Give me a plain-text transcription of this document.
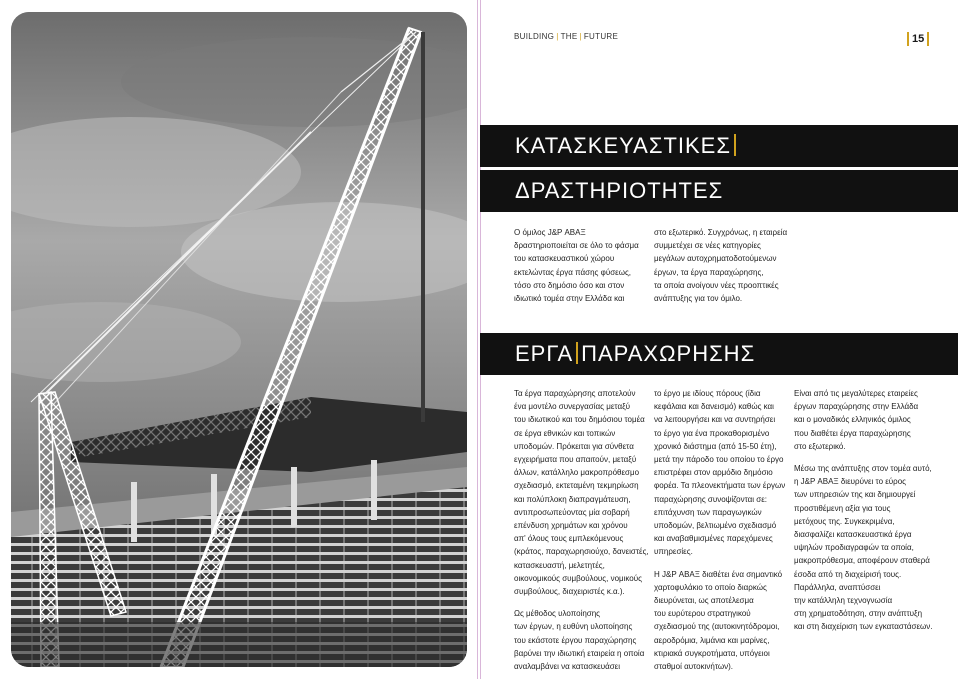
BUILDING | THE | FUTURE	15
ΚΑΤΑΣΚΕΥΑΣΤΙΚΕΣ
ΔΡΑΣΤΗΡΙΟΤΗΤΕΣ
Ο όμιλος J&P ΑΒΑΞ
δραστηριοποιείται σε όλο το φάσμα
του κατασκευαστικού χώρου
εκτελώντας έργα πάσης φύσεως,
τόσο στο δημόσιο όσο και στον
ιδιωτικό τομέα στην Ελλάδα και
στο εξωτερικό. Συγχρόνως, η εταιρεία
συμμετέχει σε νέες κατηγορίες
μεγάλων αυτοχρηματοδοτούμενων
έργων, τα έργα παραχώρησης,
τα οποία ανοίγουν νέες προοπτικές
ανάπτυξης για τον όμιλο.
ΕΡΓΑ ΠΑΡΑΧΩΡΗΣΗΣ
Τα έργα παραχώρησης αποτελούν
ένα μοντέλο συνεργασίας μεταξύ
του ιδιωτικού και του δημόσιου τομέα
σε έργα εθνικών και τοπικών
υποδομών. Πρόκειται για σύνθετα
εγχειρήματα που απαιτούν, μεταξύ
άλλων, κατάλληλο μακροπρόθεσμο
σχεδιασμό, εκτεταμένη τεκμηρίωση
και πολύπλοκη διαπραγμάτευση,
αντιπροσωπεύοντας μία σοβαρή
επένδυση χρημάτων και χρόνου
απ' όλους τους εμπλεκόμενους
(κράτος, παραχωρησιούχο, δανειστές,
κατασκευαστή, μελετητές,
οικονομικούς συμβούλους, νομικούς
συμβούλους, διαχειριστές κ.α.).
Ως μέθοδος υλοποίησης
των έργων, η ευθύνη υλοποίησης
του εκάστοτε έργου παραχώρησης
βαρύνει την ιδιωτική εταιρεία η οποία
αναλαμβάνει να κατασκευάσει
το έργο με ιδίους πόρους (ίδια
κεφάλαια και δανεισμό) καθώς και
να λειτουργήσει και να συντηρήσει
το έργο για ένα προκαθορισμένο
χρονικό διάστημα (από 15-50 έτη),
μετά την πάροδο του οποίου το έργο
επιστρέφει στον αρμόδιο δημόσιο
φορέα. Τα πλεονεκτήματα των έργων
παραχώρησης συνοψίζονται σε:
επιτάχυνση των παραγωγικών
υποδομών, βελτιωμένο σχεδιασμό
και αναβαθμισμένες παρεχόμενες
υπηρεσίες.
Η J&P ΑΒΑΞ διαθέτει ένα σημαντικό
χαρτοφυλάκιο το οποίο διαρκώς
διευρύνεται, ως αποτέλεσμα
του ευρύτερου στρατηγικού
σχεδιασμού της (αυτοκινητόδρομοι,
αεροδρόμια, λιμάνια και μαρίνες,
κτιριακά συγκροτήματα, υπόγειοι
σταθμοί αυτοκινήτων).
Είναι από τις μεγαλύτερες εταιρείες
έργων παραχώρησης στην Ελλάδα
και ο μοναδικός ελληνικός όμιλος
που διαθέτει έργα παραχώρησης
στο εξωτερικό.
Μέσω της ανάπτυξης στον τομέα αυτό,
η J&P ΑΒΑΞ διευρύνει το εύρος
των υπηρεσιών της και δημιουργεί
προστιθέμενη αξία για τους
μετόχους της. Συγκεκριμένα,
διασφαλίζει κατασκευαστικά έργα
υψηλών προδιαγραφών τα οποία,
μακροπρόθεσμα, αποφέρουν σταθερά
έσοδα από τη διαχείρισή τους.
Παράλληλα, αναπτύσσει
την κατάλληλη τεχνογνωσία
στη χρηματοδότηση, στην ανάπτυξη
και στη διαχείριση των εγκαταστάσεων.
